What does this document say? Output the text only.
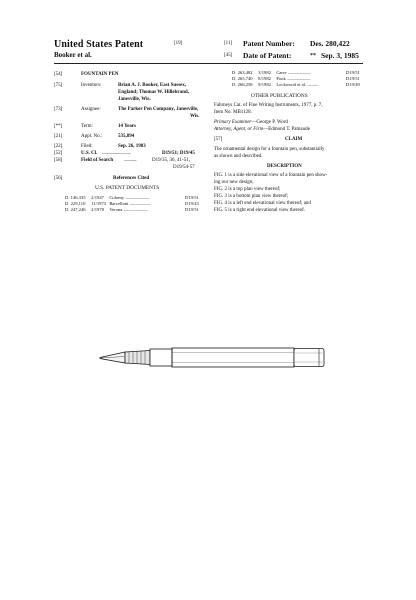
United States Patent	[19]
Booker et al.
[11] Patent Number: Des. 280,422
[45] Date of Patent:	** Sep. 3, 1985
[54]	FOUNTAIN PEN
[75]	Inventors:	Brian A. J. Booker, East Sussex,
England; Thomas W. Hillebrand,
Janesville, Wis.
[73]	Assignee:	The Parker Pen Company, Janesville,
Wis.
[**]	Term:	14 Years
[21]	Appl. No.:	535,894
[22]	Filed:	Sep. 26, 1983
[52]	U.S. Cl. ..............................	D19/51; D19/45
[58]	Field of Search .............	D19/35, 36, 41-51,
D19/54-57
[56]	References Cited
U.S. PATENT DOCUMENTS
D. 146,335 2/1947 Colomy ................................	D19/51
D. 229,110 11/1973 Barcelloni ............................	D19/43
D. 247,246 2/1978 Verona ................................	D19/51
D. 263,482 3/1982 Carre ...............................	D19/51
D. 265,740 8/1982 Pook ...............................	D19/51
D. 266,258 9/1982 Lockwood et al. ...............	D19/49
OTHER PUBLICATIONS
Fahrneys Cat. of Fine Writing Instruments, 1977, p. 7,
Item No. MB1128.
Primary Examiner—George P. Word
Attorney, Agent, or Firm—Edmond T. Patnaude
[57]	CLAIM
The ornamental design for a fountain pen, substantially
as shown and described.
DESCRIPTION
FIG. 1 is a side elevational view of a fountain pen show-
ing our new design;
FIG. 2 is a top plan view thereof;
FIG. 3 is a bottom plan view thereof;
FIG. 4 is a left end elevational view thereof; and
FIG. 5 is a right end elevational view thereof.
